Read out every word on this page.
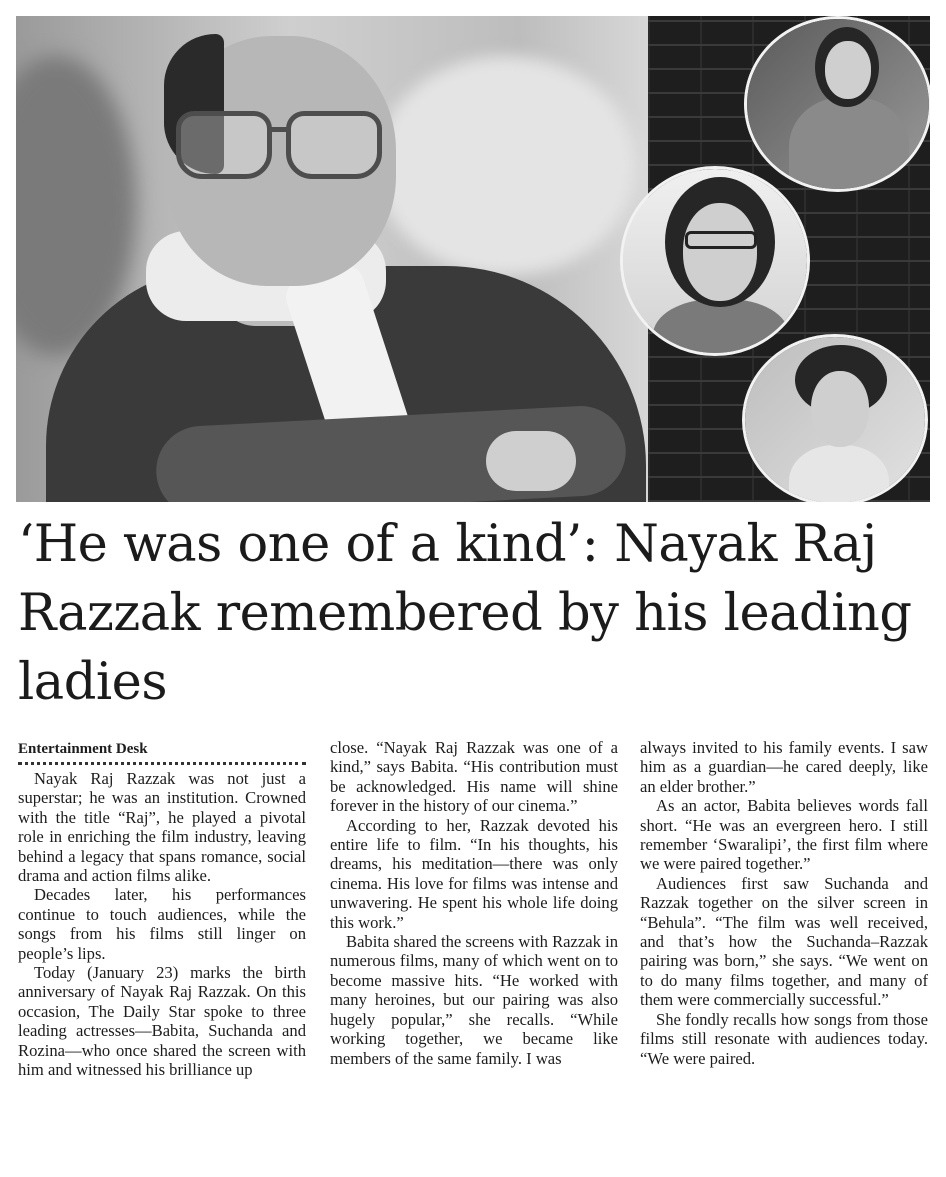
‘He was one of a kind’: Nayak Raj Razzak remembered by his leading ladies
Entertainment Desk

Nayak Raj Razzak was not just a superstar; he was an institution. Crowned with the title “Raj”, he played a pivotal role in enriching the film industry, leaving behind a legacy that spans romance, social drama and action films alike.

Decades later, his performances continue to touch audiences, while the songs from his films still linger on people’s lips.

Today (January 23) marks the birth anniversary of Nayak Raj Razzak. On this occasion, The Daily Star spoke to three leading actresses—Babita, Suchanda and Rozina—who once shared the screen with him and witnessed his brilliance up

close. “Nayak Raj Razzak was one of a kind,” says Babita. “His contribution must be acknowledged. His name will shine forever in the history of our cinema.”

According to her, Razzak devoted his entire life to film. “In his thoughts, his dreams, his meditation—there was only cinema. His love for films was intense and unwavering. He spent his whole life doing this work.”

Babita shared the screens with Razzak in numerous films, many of which went on to become massive hits. “He worked with many heroines, but our pairing was also hugely popular,” she recalls. “While working together, we became like members of the same family. I was

always invited to his family events. I saw him as a guardian—he cared deeply, like an elder brother.”

As an actor, Babita believes words fall short. “He was an evergreen hero. I still remember ‘Swaralipi’, the first film where we were paired together.”

Audiences first saw Suchanda and Razzak together on the silver screen in “Behula”. “The film was well received, and that’s how the Suchanda–Razzak pairing was born,” she says. “We went on to do many films together, and many of them were commercially successful.”

She fondly recalls how songs from those films still resonate with audiences today. “We were paired.
